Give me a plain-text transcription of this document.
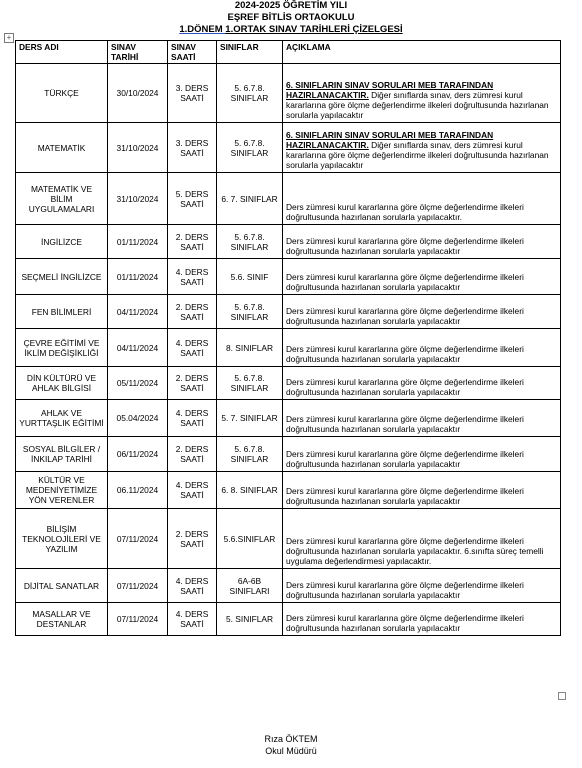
2024-2025 ÖĞRETİM YILI
EŞREF BİTLİS ORTAOKULU
1.DÖNEM 1.ORTAK SINAV TARİHLERİ ÇİZELGESİ
+
DERS ADI	SINAV TARİHİ	SINAV SAATİ	SINIFLAR	AÇIKLAMA
TÜRKÇE	30/10/2024	3. DERS SAATİ	5. 6.7.8. SINIFLAR	6. SINIFLARIN SINAV SORULARI MEB TARAFINDAN HAZIRLANACAKTIR. Diğer sınıflarda sınav, ders zümresi kurul kararlarına göre ölçme değerlendirme ilkeleri doğrultusunda hazırlanan sorularla yapılacaktır
MATEMATİK	31/10/2024	3. DERS SAATİ	5. 6.7.8. SINIFLAR	6. SINIFLARIN SINAV SORULARI MEB TARAFINDAN HAZIRLANACAKTIR. Diğer sınıflarda sınav, ders zümresi kurul kararlarına göre ölçme değerlendirme ilkeleri doğrultusunda hazırlanan sorularla yapılacaktır
MATEMATİK VE BİLİM UYGULAMALARI	31/10/2024	5. DERS SAATİ	6. 7. SINIFLAR	Ders zümresi kurul kararlarına göre ölçme değerlendirme ilkeleri doğrultusunda hazırlanan sorularla yapılacaktır.
İNGİLİZCE	01/11/2024	2. DERS SAATİ	5. 6.7.8. SINIFLAR	Ders zümresi kurul kararlarına göre ölçme değerlendirme ilkeleri doğrultusunda hazırlanan sorularla yapılacaktır
SEÇMELİ İNGİLİZCE	01/11/2024	4. DERS SAATİ	5.6. SINIF	Ders zümresi kurul kararlarına göre ölçme değerlendirme ilkeleri doğrultusunda hazırlanan sorularla yapılacaktır
FEN BİLİMLERİ	04/11/2024	2. DERS SAATİ	5. 6.7.8. SINIFLAR	Ders zümresi kurul kararlarına göre ölçme değerlendirme ilkeleri doğrultusunda hazırlanan sorularla yapılacaktır
ÇEVRE EĞİTİMİ VE İKLİM DEĞİŞİKLİĞİ	04/11/2024	4. DERS SAATİ	8. SINIFLAR	Ders zümresi kurul kararlarına göre ölçme değerlendirme ilkeleri doğrultusunda hazırlanan sorularla yapılacaktır
DİN KÜLTÜRÜ VE AHLAK BİLGİSİ	05/11/2024	2. DERS SAATİ	5. 6.7.8. SINIFLAR	Ders zümresi kurul kararlarına göre ölçme değerlendirme ilkeleri doğrultusunda hazırlanan sorularla yapılacaktır
AHLAK VE YURTTAŞLIK EĞİTİMİ	05.04/2024	4. DERS SAATİ	5. 7. SINIFLAR	Ders zümresi kurul kararlarına göre ölçme değerlendirme ilkeleri doğrultusunda hazırlanan sorularla yapılacaktır
SOSYAL BİLGİLER /İNKILAP TARİHİ	06/11/2024	2. DERS SAATİ	5. 6.7.8. SINIFLAR	Ders zümresi kurul kararlarına göre ölçme değerlendirme ilkeleri doğrultusunda hazırlanan sorularla yapılacaktır
KÜLTÜR VE MEDENİYETİMİZE YÖN VERENLER	06.11/2024	4. DERS SAATİ	6. 8. SINIFLAR	Ders zümresi kurul kararlarına göre ölçme değerlendirme ilkeleri doğrultusunda hazırlanan sorularla yapılacaktır
BİLİŞİM TEKNOLOJİLERİ VE YAZILIM	07/11/2024	2. DERS SAATİ	5.6.SINIFLAR	Ders zümresi kurul kararlarına göre ölçme değerlendirme ilkeleri doğrultusunda hazırlanan sorularla yapılacaktır. 6.sınıfta süreç temelli uygulama değerlendirmesi yapılacaktır.
DİJİTAL SANATLAR	07/11/2024	4. DERS SAATİ	6A-6B SINIFLARI	Ders zümresi kurul kararlarına göre ölçme değerlendirme ilkeleri doğrultusunda hazırlanan sorularla yapılacaktır
MASALLAR VE DESTANLAR	07/11/2024	4. DERS SAATİ	5. SINIFLAR	Ders zümresi kurul kararlarına göre ölçme değerlendirme ilkeleri doğrultusunda hazırlanan sorularla yapılacaktır
Rıza ÖKTEM
Okul Müdürü
